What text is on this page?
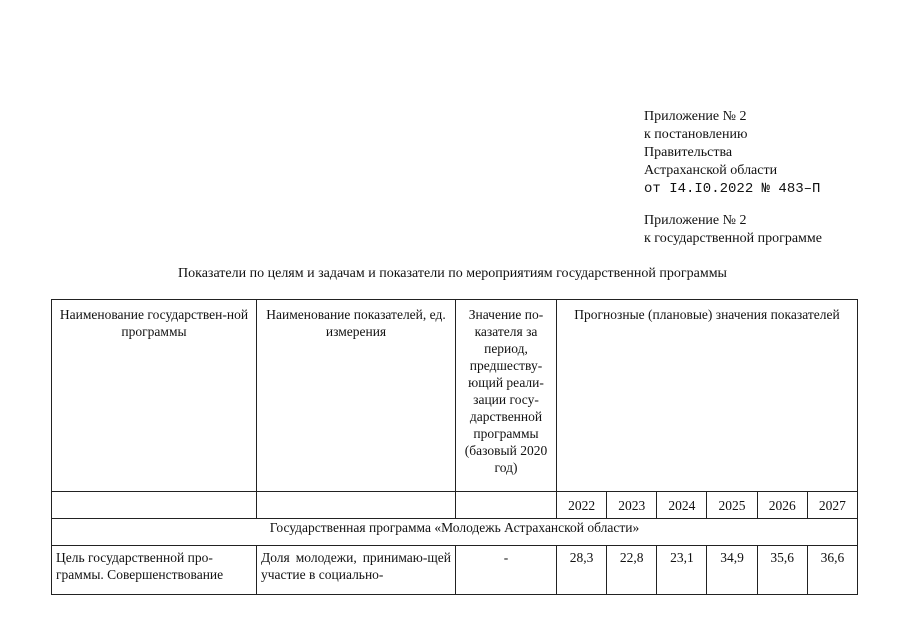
Приложение № 2
к постановлению
Правительства
Астраханской области
от I4.I0.2022 № 483–П
Приложение № 2
к государственной программе
Показатели по целям и задачам и показатели по мероприятиям государственной программы
Наименование государствен-ной программы	Наименование показателей, ед. измерения	Значение по-казателя за период, предшеству-ющий реали-зации госу-дарственной программы (базовый 2020 год)	Прогнозные (плановые) значения показателей					
			2022	2023	2024	2025	2026	2027
Государственная программа «Молодежь Астраханской области»								
Цель государственной про-граммы. Совершенствование	Доля молодежи, принимаю-щей участие в социально-	-	28,3	22,8	23,1	34,9	35,6	36,6
